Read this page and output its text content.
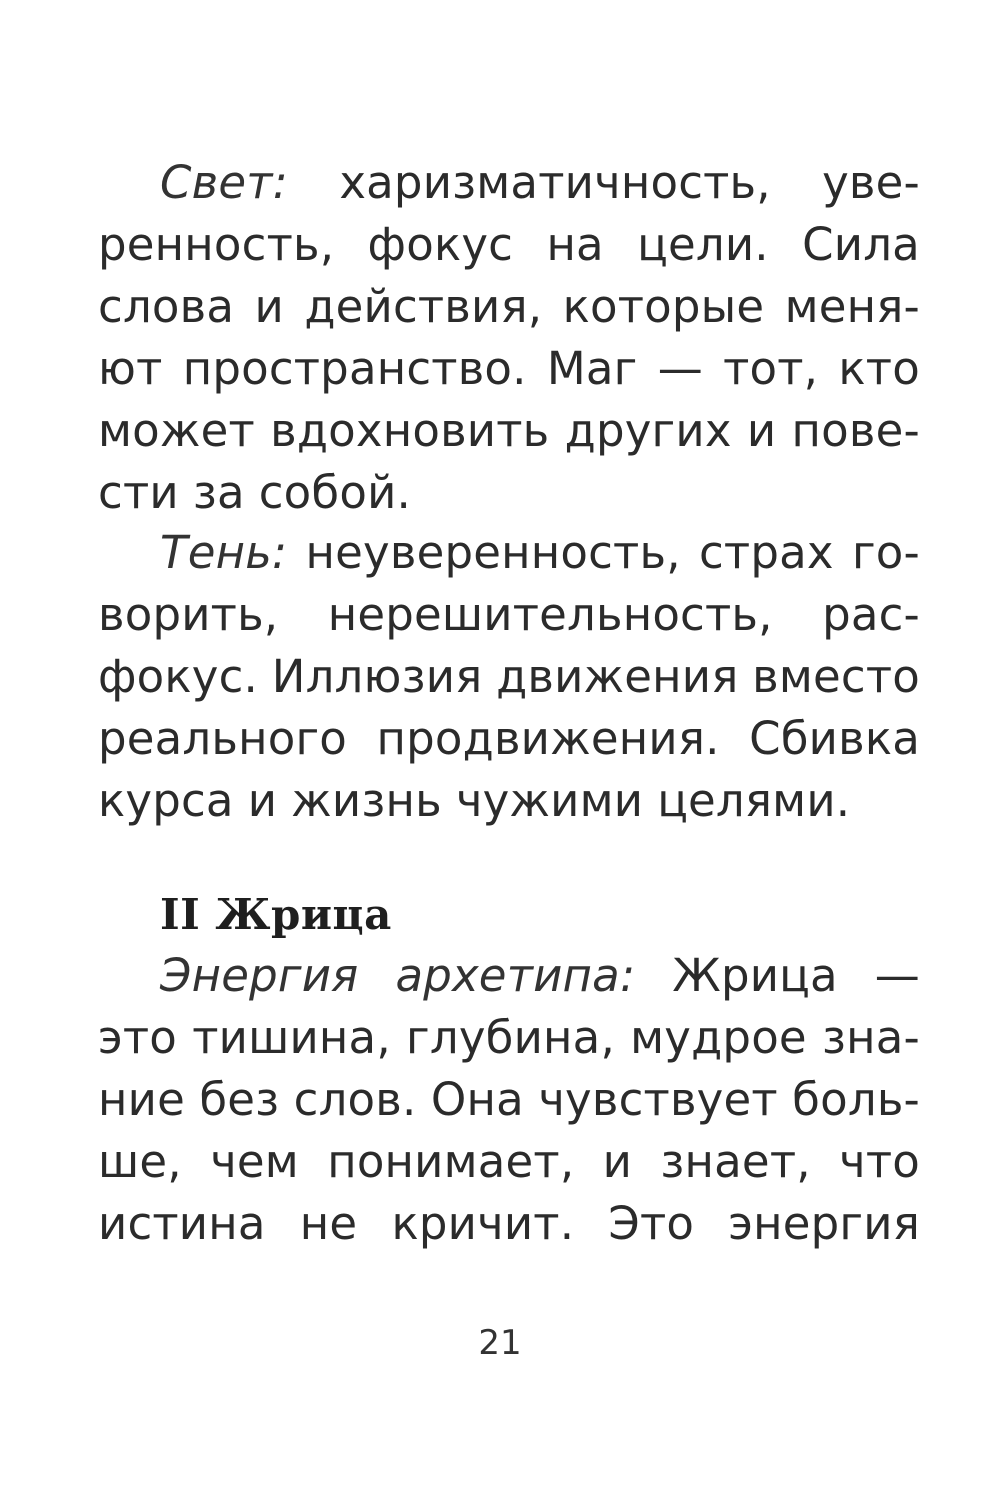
Свет: харизматичность, уве-
ренность, фокус на цели. Сила
слова и действия, которые меня-
ют пространство. Маг — тот, кто
может вдохновить других и пове-
сти за собой.
Тень: неуверенность, страх го-
ворить, нерешительность, рас-
фокус. Иллюзия движения вместо
реального продвижения. Сбивка
курса и жизнь чужими целями.
II Жрица
Энергия архетипа: Жрица —
это тишина, глубина, мудрое зна-
ние без слов. Она чувствует боль-
ше, чем понимает, и знает, что
истина не кричит. Это энергия
21
